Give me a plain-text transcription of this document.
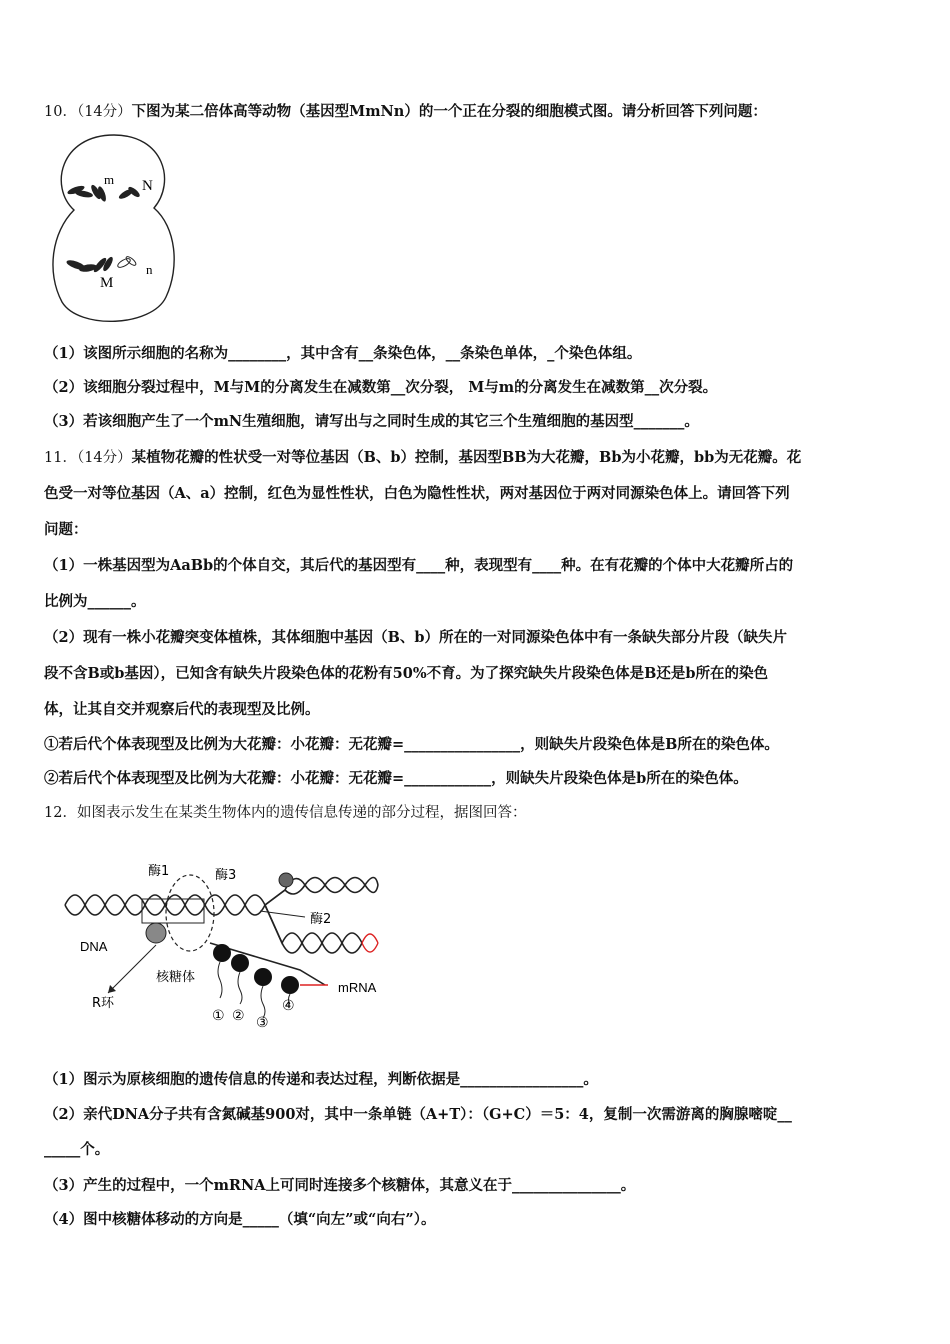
10．（14分）下图为某二倍体高等动物（基因型MmNn）的一个正在分裂的细胞模式图。请分析回答下列问题：
m N
M
n
（1）该图所示细胞的名称为________，其中含有__条染色体，__条染色单体，_个染色体组。
（2）该细胞分裂过程中，M与M的分离发生在减数第__次分裂， M与m的分离发生在减数第__次分裂。
（3）若该细胞产生了一个mN生殖细胞，请写出与之同时生成的其它三个生殖细胞的基因型_______。
11．（14分）某植物花瓣的性状受一对等位基因（B、b）控制，基因型BB为大花瓣，Bb为小花瓣，bb为无花瓣。花
色受一对等位基因（A、a）控制，红色为显性性状，白色为隐性性状，两对基因位于两对同源染色体上。请回答下列
问题：
（1）一株基因型为AaBb的个体自交，其后代的基因型有____种，表现型有____种。在有花瓣的个体中大花瓣所占的
比例为______。
（2）现有一株小花瓣突变体植株，其体细胞中基因（B、b）所在的一对同源染色体中有一条缺失部分片段（缺失片
段不含B或b基因），已知含有缺失片段染色体的花粉有50%不育。为了探究缺失片段染色体是B还是b所在的染色
体，让其自交并观察后代的表现型及比例。
①若后代个体表现型及比例为大花瓣：小花瓣：无花瓣=________________，则缺失片段染色体是B所在的染色体。
②若后代个体表现型及比例为大花瓣：小花瓣：无花瓣=____________，则缺失片段染色体是b所在的染色体。
12．如图表示发生在某类生物体内的遗传信息传递的部分过程，据图回答：
酶1	酶3
酶2
DNA
核糖体
R环
mRNA
① ② ③
④
（1）图示为原核细胞的遗传信息的传递和表达过程，判断依据是_________________。
（2）亲代DNA分子共有含氮碱基900对，其中一条单链（A+T）：（G+C）＝5：4，复制一次需游离的胸腺嘧啶__
_____个。
（3）产生的过程中，一个mRNA上可同时连接多个核糖体，其意义在于_______________。
（4）图中核糖体移动的方向是_____（填“向左”或“向右”）。
